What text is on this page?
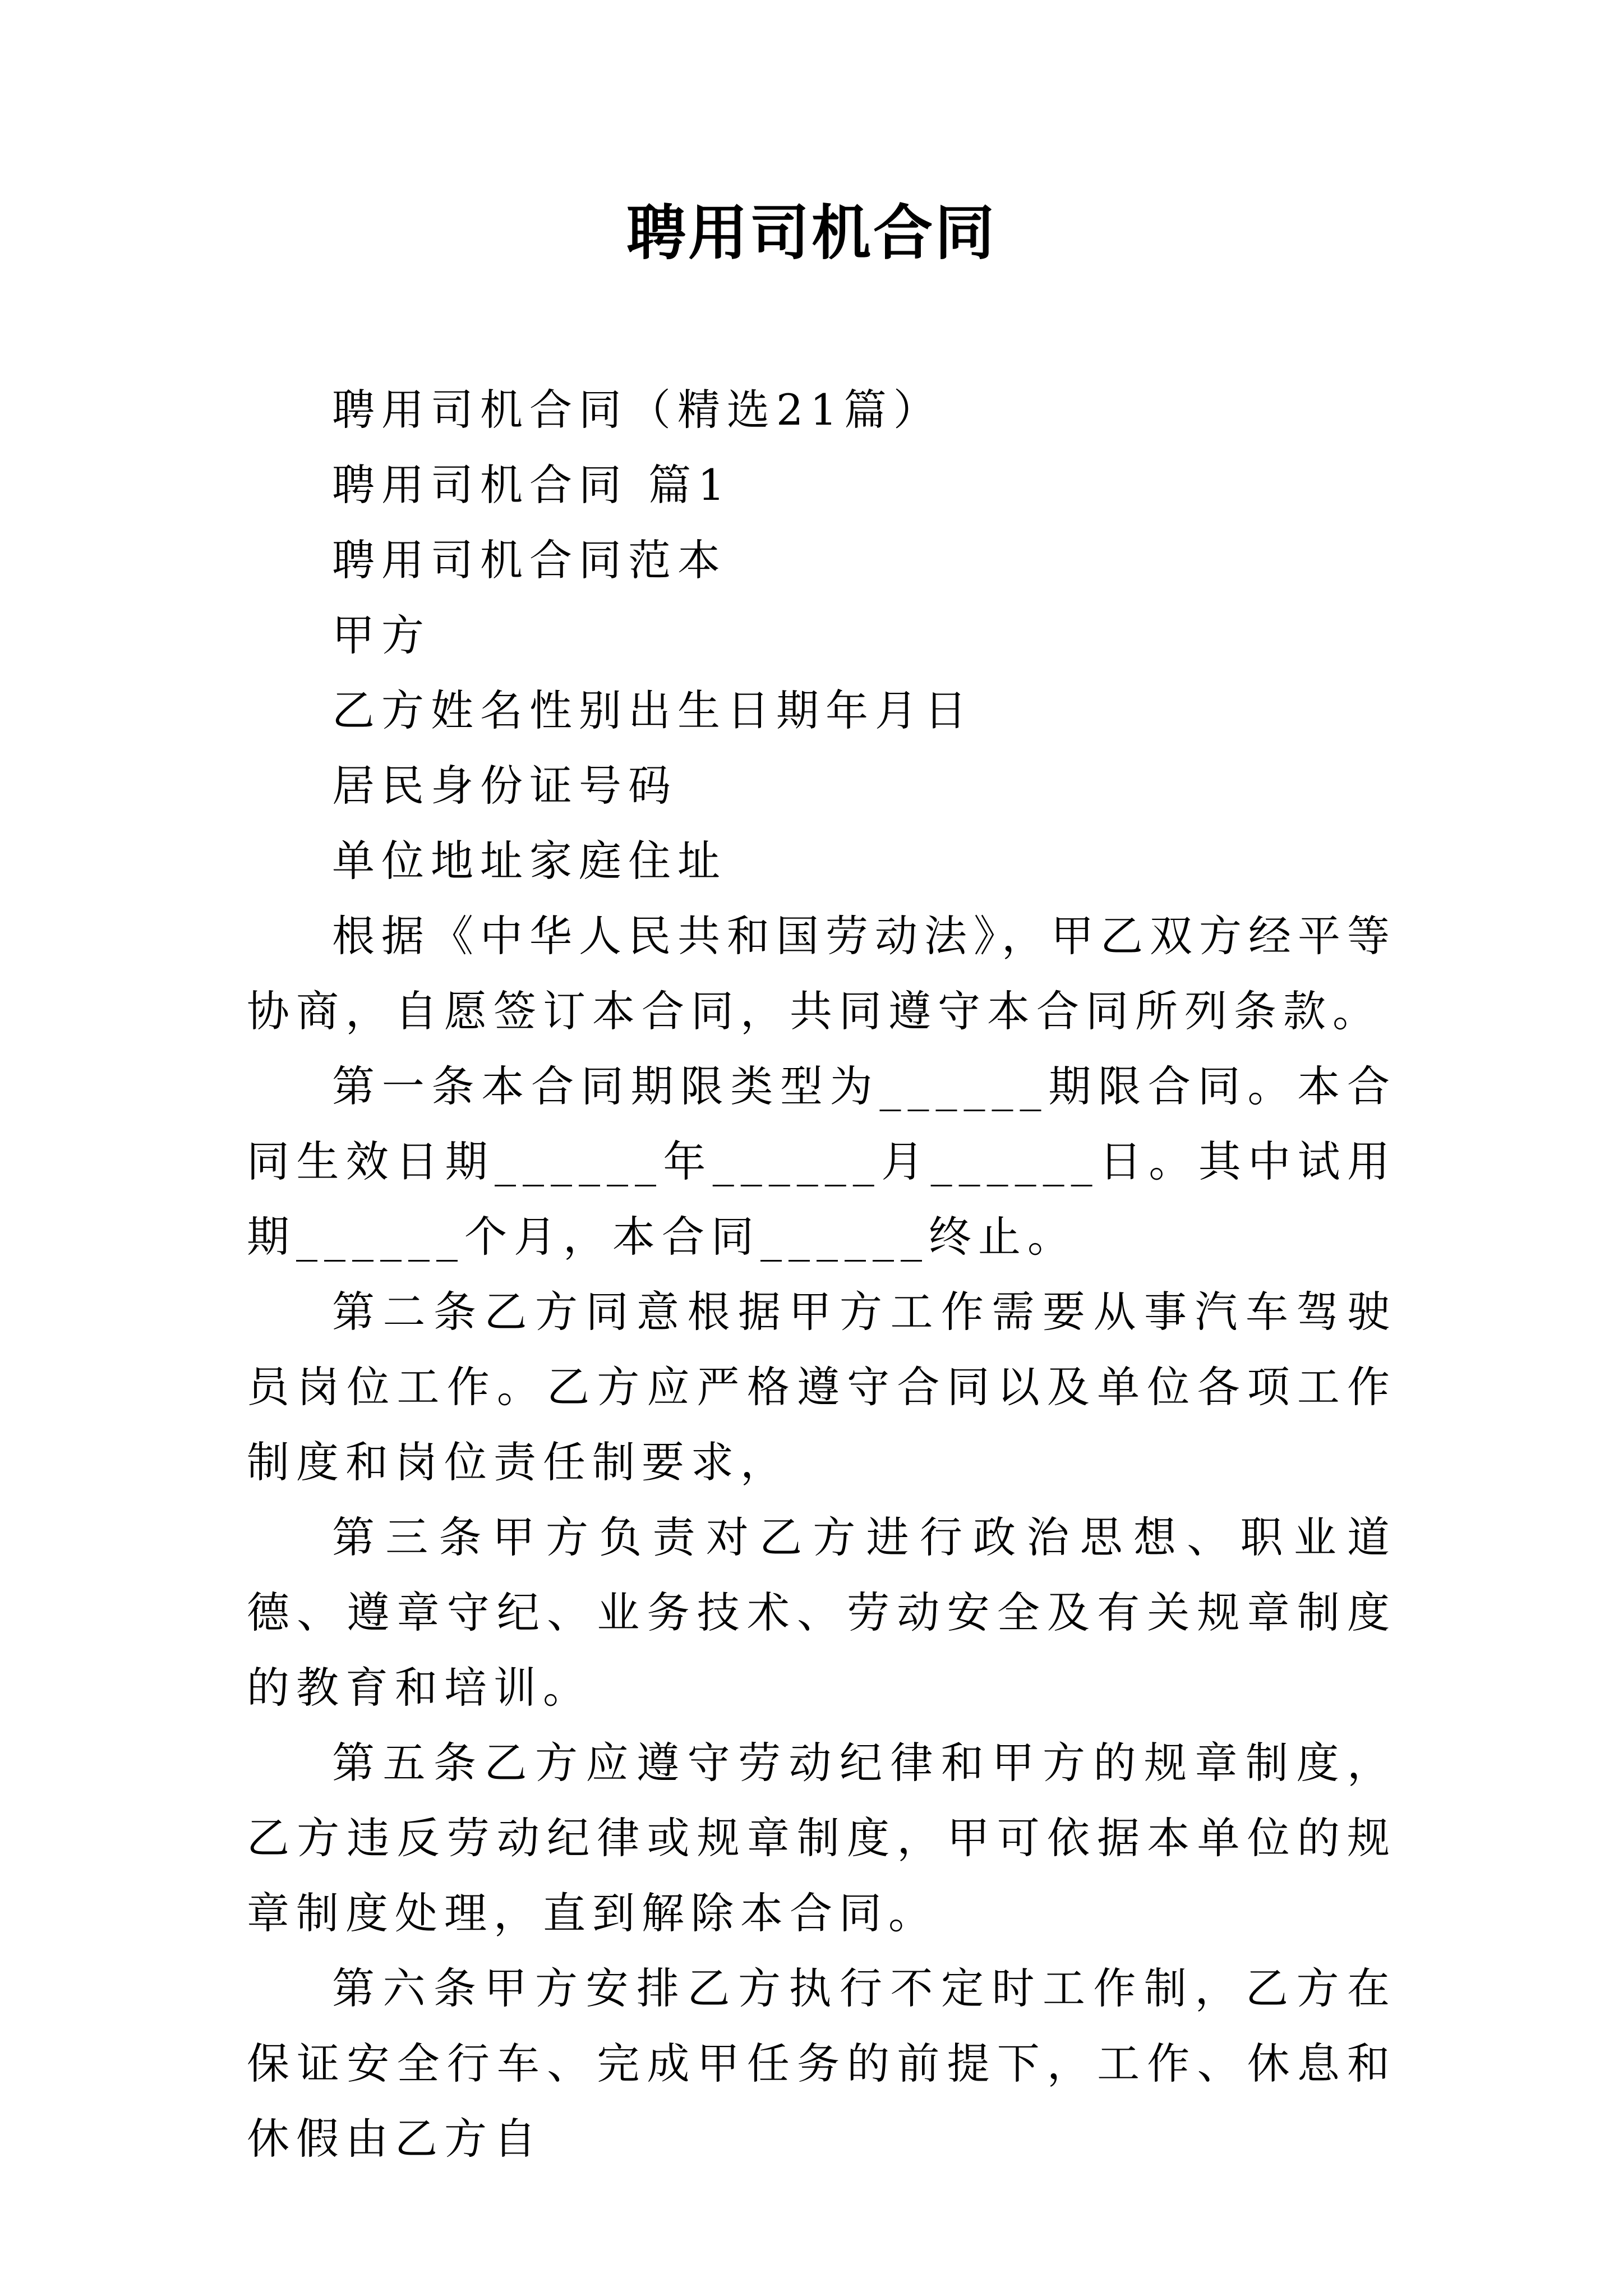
聘用司机合同

聘用司机合同（精选21篇）

聘用司机合同 篇1

聘用司机合同范本

甲方

乙方姓名性别出生日期年月日

居民身份证号码

单位地址家庭住址

根据《中华人民共和国劳动法》，甲乙双方经平等协商，自愿签订本合同，共同遵守本合同所列条款。

第一条本合同期限类型为______期限合同。本合同生效日期______年______月______日。其中试用期______个月，本合同______终止。

第二条乙方同意根据甲方工作需要从事汽车驾驶员岗位工作。乙方应严格遵守合同以及单位各项工作制度和岗位责任制要求，

第三条甲方负责对乙方进行政治思想、职业道德、遵章守纪、业务技术、劳动安全及有关规章制度的教育和培训。

第五条乙方应遵守劳动纪律和甲方的规章制度，乙方违反劳动纪律或规章制度，甲可依据本单位的规章制度处理，直到解除本合同。

第六条甲方安排乙方执行不定时工作制，乙方在保证安全行车、完成甲任务的前提下，工作、休息和休假由乙方自
